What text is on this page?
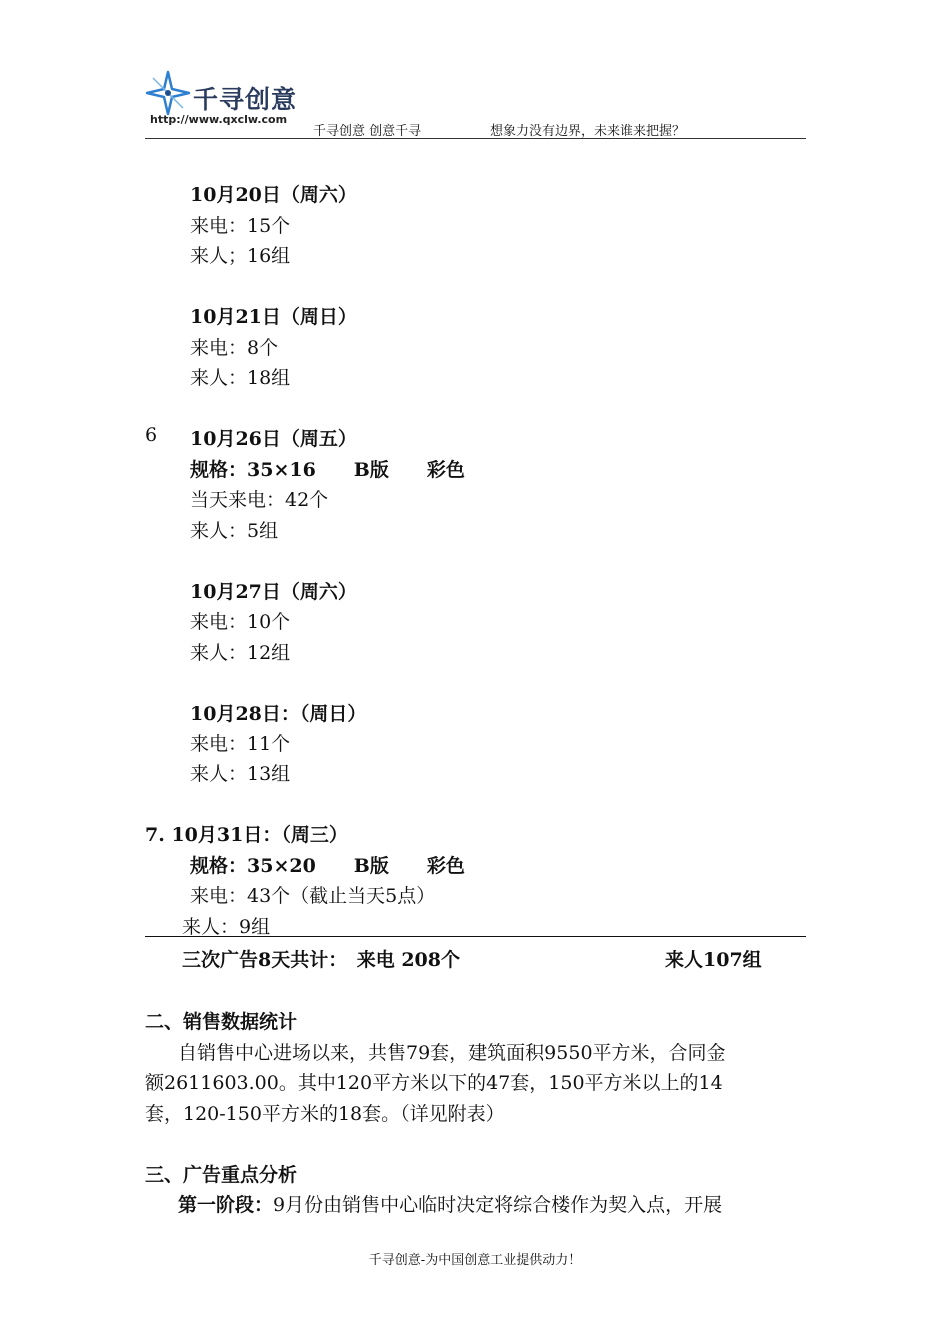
千寻创意
http://www.qxclw.com
千寻创意 创意千寻	想象力没有边界，未来谁来把握？
10月20日（周六）
来电：15个
来人；16组
10月21日（周日）
来电：8个
来人：18组
6 10月26日（周五）
规格：35×16　　B版　　彩色
当天来电：42个
来人：5组
10月27日（周六）
来电：10个
来人：12组
10月28日：（周日）
来电：11个
来人：13组
7. 10月31日：（周三）
规格：35×20　　B版　　彩色
来电：43个（截止当天5点）
来人：9组
三次广告8天共计：　来电 208个	来人107组
二、销售数据统计
自销售中心进场以来，共售79套，建筑面积9550平方米，合同金
额2611603.00。其中120平方米以下的47套，150平方米以上的14
套，120-150平方米的18套。（详见附表）
三、广告重点分析
第一阶段：9月份由销售中心临时决定将综合楼作为契入点，开展
千寻创意-为中国创意工业提供动力！
